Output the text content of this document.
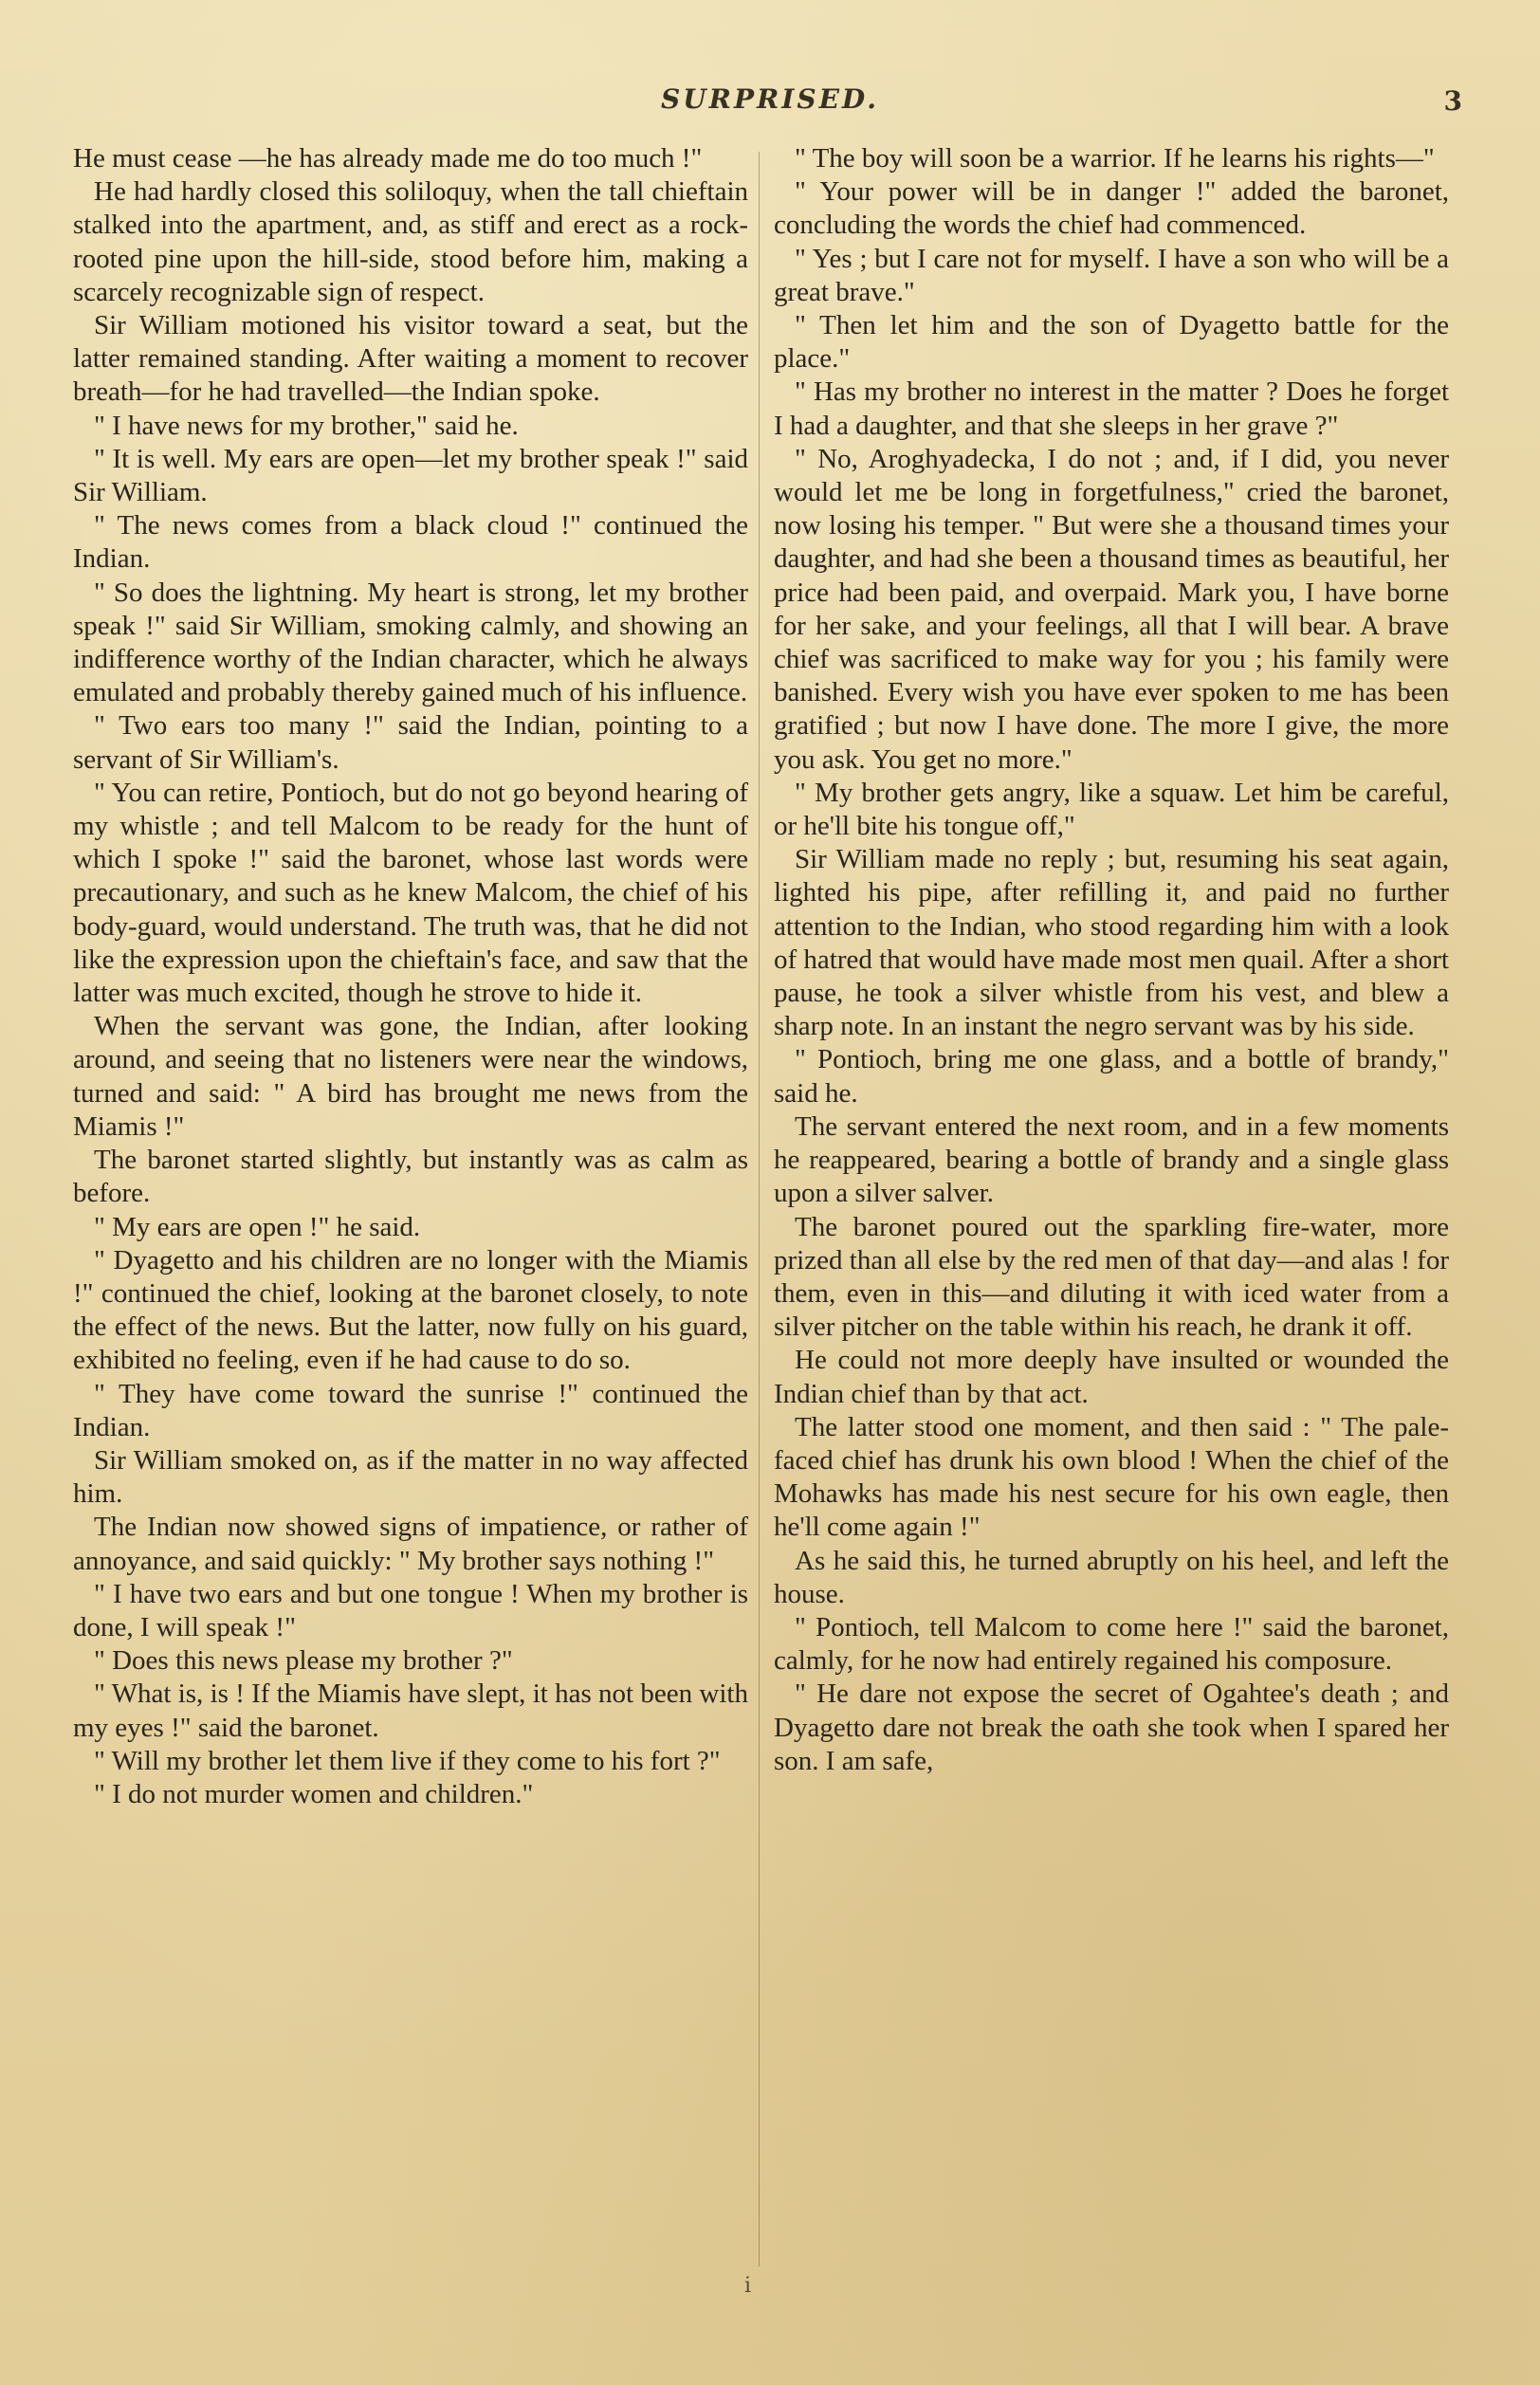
SURPRISED.	3

He must cease —he has already made me do too much !"

He had hardly closed this soliloquy, when the tall chieftain stalked into the apartment, and, as stiff and erect as a rock-rooted pine upon the hill-side, stood before him, making a scarcely recognizable sign of respect.

Sir William motioned his visitor toward a seat, but the latter remained standing. After waiting a moment to recover breath—for he had travelled—the Indian spoke.

" I have news for my brother," said he.

" It is well. My ears are open—let my brother speak !" said Sir William.

" The news comes from a black cloud !" continued the Indian.

" So does the lightning. My heart is strong, let my brother speak !" said Sir William, smoking calmly, and showing an indifference worthy of the Indian character, which he always emulated and probably thereby gained much of his influence.

" Two ears too many !" said the Indian, pointing to a servant of Sir William's.

" You can retire, Pontioch, but do not go beyond hearing of my whistle ; and tell Malcom to be ready for the hunt of which I spoke !" said the baronet, whose last words were precautionary, and such as he knew Malcom, the chief of his body-guard, would understand. The truth was, that he did not like the expression upon the chieftain's face, and saw that the latter was much excited, though he strove to hide it.

When the servant was gone, the Indian, after looking around, and seeing that no listeners were near the windows, turned and said: " A bird has brought me news from the Miamis !"

The baronet started slightly, but instantly was as calm as before.

" My ears are open !" he said.

" Dyagetto and his children are no longer with the Miamis !" continued the chief, looking at the baronet closely, to note the effect of the news. But the latter, now fully on his guard, exhibited no feeling, even if he had cause to do so.

" They have come toward the sunrise !" continued the Indian.

Sir William smoked on, as if the matter in no way affected him.

The Indian now showed signs of impatience, or rather of annoyance, and said quickly: " My brother says nothing !"

" I have two ears and but one tongue ! When my brother is done, I will speak !"

" Does this news please my brother ?"

" What is, is ! If the Miamis have slept, it has not been with my eyes !" said the baronet.

" Will my brother let them live if they come to his fort ?"

" I do not murder women and children."

" The boy will soon be a warrior. If he learns his rights—"

" Your power will be in danger !" added the baronet, concluding the words the chief had commenced.

" Yes ; but I care not for myself. I have a son who will be a great brave."

" Then let him and the son of Dyagetto battle for the place."

" Has my brother no interest in the matter ? Does he forget I had a daughter, and that she sleeps in her grave ?"

" No, Aroghyadecka, I do not ; and, if I did, you never would let me be long in forgetfulness," cried the baronet, now losing his temper. " But were she a thousand times your daughter, and had she been a thousand times as beautiful, her price had been paid, and overpaid. Mark you, I have borne for her sake, and your feelings, all that I will bear. A brave chief was sacrificed to make way for you ; his family were banished. Every wish you have ever spoken to me has been gratified ; but now I have done. The more I give, the more you ask. You get no more."

" My brother gets angry, like a squaw. Let him be careful, or he'll bite his tongue off,"

Sir William made no reply ; but, resuming his seat again, lighted his pipe, after refilling it, and paid no further attention to the Indian, who stood regarding him with a look of hatred that would have made most men quail. After a short pause, he took a silver whistle from his vest, and blew a sharp note. In an instant the negro servant was by his side.

" Pontioch, bring me one glass, and a bottle of brandy," said he.

The servant entered the next room, and in a few moments he reappeared, bearing a bottle of brandy and a single glass upon a silver salver.

The baronet poured out the sparkling fire-water, more prized than all else by the red men of that day—and alas ! for them, even in this—and diluting it with iced water from a silver pitcher on the table within his reach, he drank it off.

He could not more deeply have insulted or wounded the Indian chief than by that act.

The latter stood one moment, and then said : " The pale-faced chief has drunk his own blood ! When the chief of the Mohawks has made his nest secure for his own eagle, then he'll come again !"

As he said this, he turned abruptly on his heel, and left the house.

" Pontioch, tell Malcom to come here !" said the baronet, calmly, for he now had entirely regained his composure.

" He dare not expose the secret of Ogahtee's death ; and Dyagetto dare not break the oath she took when I spared her son. I am safe,

i
